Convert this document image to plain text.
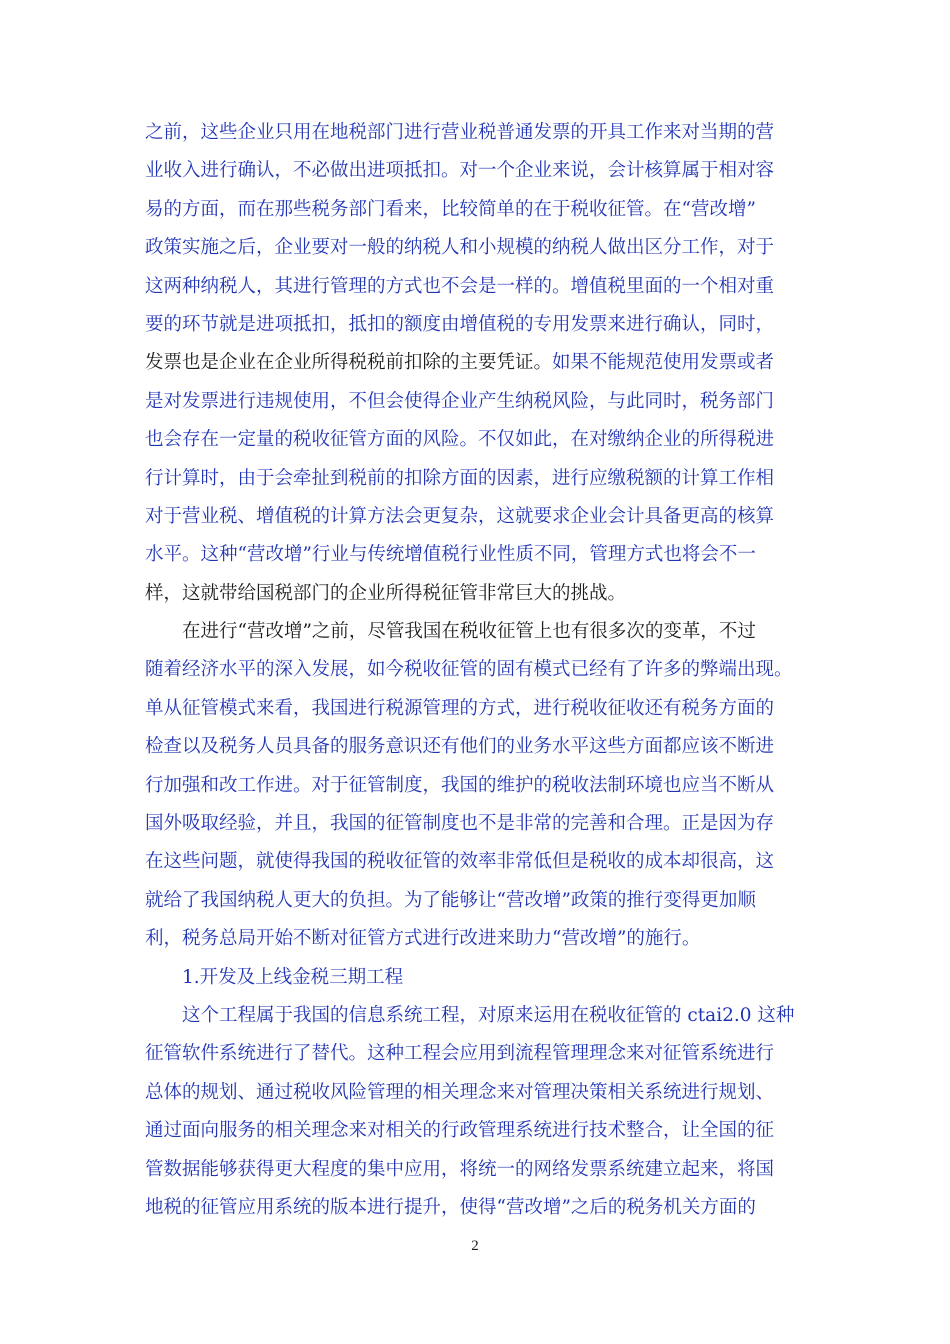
之前，这些企业只用在地税部门进行营业税普通发票的开具工作来对当期的营
业收入进行确认，不必做出进项抵扣。对一个企业来说，会计核算属于相对容
易的方面，而在那些税务部门看来，比较简单的在于税收征管。在“营改增”
政策实施之后，企业要对一般的纳税人和小规模的纳税人做出区分工作，对于
这两种纳税人，其进行管理的方式也不会是一样的。增值税里面的一个相对重
要的环节就是进项抵扣，抵扣的额度由增值税的专用发票来进行确认，同时，
发票也是企业在企业所得税税前扣除的主要凭证。如果不能规范使用发票或者
是对发票进行违规使用，不但会使得企业产生纳税风险，与此同时，税务部门
也会存在一定量的税收征管方面的风险。不仅如此，在对缴纳企业的所得税进
行计算时，由于会牵扯到税前的扣除方面的因素，进行应缴税额的计算工作相
对于营业税、增值税的计算方法会更复杂，这就要求企业会计具备更高的核算
水平。这种“营改增”行业与传统增值税行业性质不同，管理方式也将会不一
样，这就带给国税部门的企业所得税征管非常巨大的挑战。
在进行“营改增”之前，尽管我国在税收征管上也有很多次的变革，不过
随着经济水平的深入发展，如今税收征管的固有模式已经有了许多的弊端出现。
单从征管模式来看，我国进行税源管理的方式，进行税收征收还有税务方面的
检查以及税务人员具备的服务意识还有他们的业务水平这些方面都应该不断进
行加强和改工作进。对于征管制度，我国的维护的税收法制环境也应当不断从
国外吸取经验，并且，我国的征管制度也不是非常的完善和合理。正是因为存
在这些问题，就使得我国的税收征管的效率非常低但是税收的成本却很高，这
就给了我国纳税人更大的负担。为了能够让“营改增”政策的推行变得更加顺
利，税务总局开始不断对征管方式进行改进来助力“营改增”的施行。
1.开发及上线金税三期工程
这个工程属于我国的信息系统工程，对原来运用在税收征管的 ctai2.0 这种
征管软件系统进行了替代。这种工程会应用到流程管理理念来对征管系统进行
总体的规划、通过税收风险管理的相关理念来对管理决策相关系统进行规划、
通过面向服务的相关理念来对相关的行政管理系统进行技术整合，让全国的征
管数据能够获得更大程度的集中应用，将统一的网络发票系统建立起来，将国
地税的征管应用系统的版本进行提升，使得“营改增”之后的税务机关方面的
2
